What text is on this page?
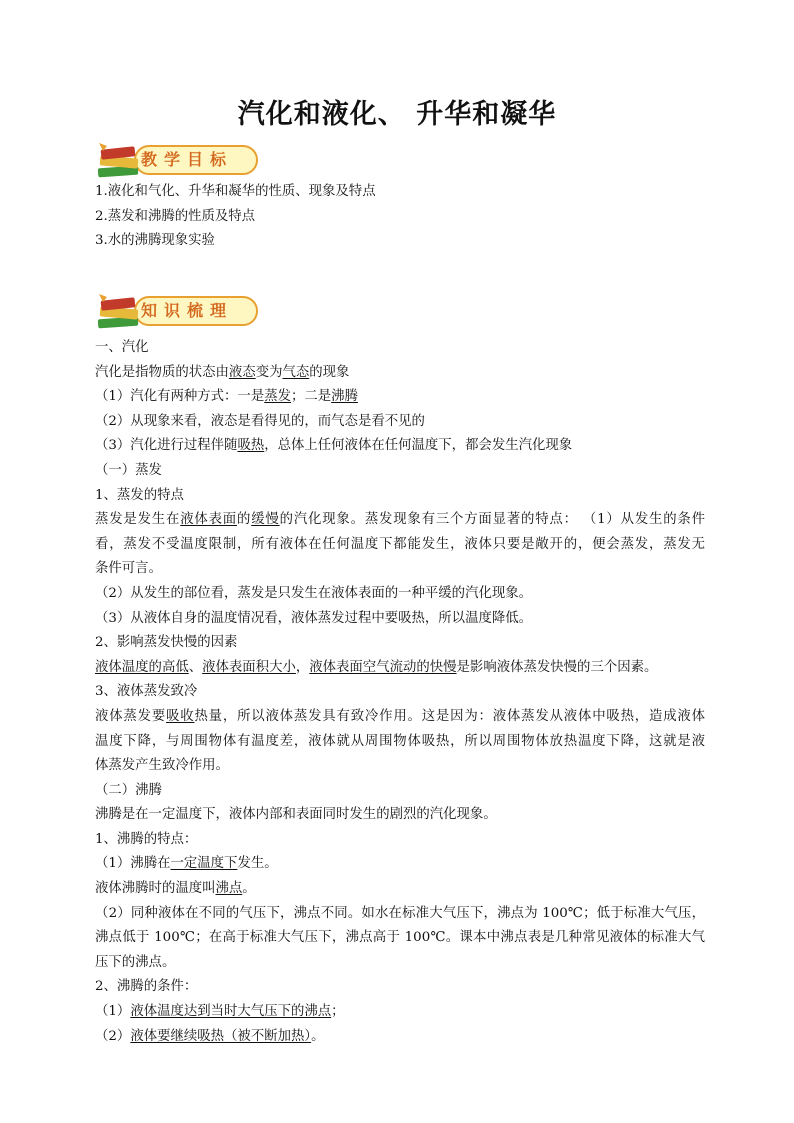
汽化和液化、 升华和凝华
教学目标
1.液化和气化、升华和凝华的性质、现象及特点
2.蒸发和沸腾的性质及特点
3.水的沸腾现象实验
知识梳理
一、汽化
汽化是指物质的状态由液态变为气态的现象
（1）汽化有两种方式：一是蒸发；二是沸腾
（2）从现象来看，液态是看得见的，而气态是看不见的
（3）汽化进行过程伴随吸热，总体上任何液体在任何温度下，都会发生汽化现象
（一）蒸发
1、蒸发的特点
蒸发是发生在液体表面的缓慢的汽化现象。蒸发现象有三个方面显著的特点： （1）从发生的条件
看，蒸发不受温度限制，所有液体在任何温度下都能发生，液体只要是敞开的，便会蒸发，蒸发无
条件可言。
（2）从发生的部位看，蒸发是只发生在液体表面的一种平缓的汽化现象。
（3）从液体自身的温度情况看，液体蒸发过程中要吸热，所以温度降低。
2、影响蒸发快慢的因素
液体温度的高低、液体表面积大小，液体表面空气流动的快慢是影响液体蒸发快慢的三个因素。
3、液体蒸发致冷
液体蒸发要吸收热量，所以液体蒸发具有致冷作用。这是因为：液体蒸发从液体中吸热，造成液体
温度下降，与周围物体有温度差，液体就从周围物体吸热，所以周围物体放热温度下降，这就是液
体蒸发产生致冷作用。
（二）沸腾
沸腾是在一定温度下，液体内部和表面同时发生的剧烈的汽化现象。
1、沸腾的特点：
（1）沸腾在一定温度下发生。
液体沸腾时的温度叫沸点。
（2）同种液体在不同的气压下，沸点不同。如水在标准大气压下，沸点为 100℃；低于标准大气压，
沸点低于 100℃；在高于标准大气压下，沸点高于 100℃。课本中沸点表是几种常见液体的标准大气
压下的沸点。
2、沸腾的条件：
（1）液体温度达到当时大气压下的沸点；
（2）液体要继续吸热（被不断加热）。
